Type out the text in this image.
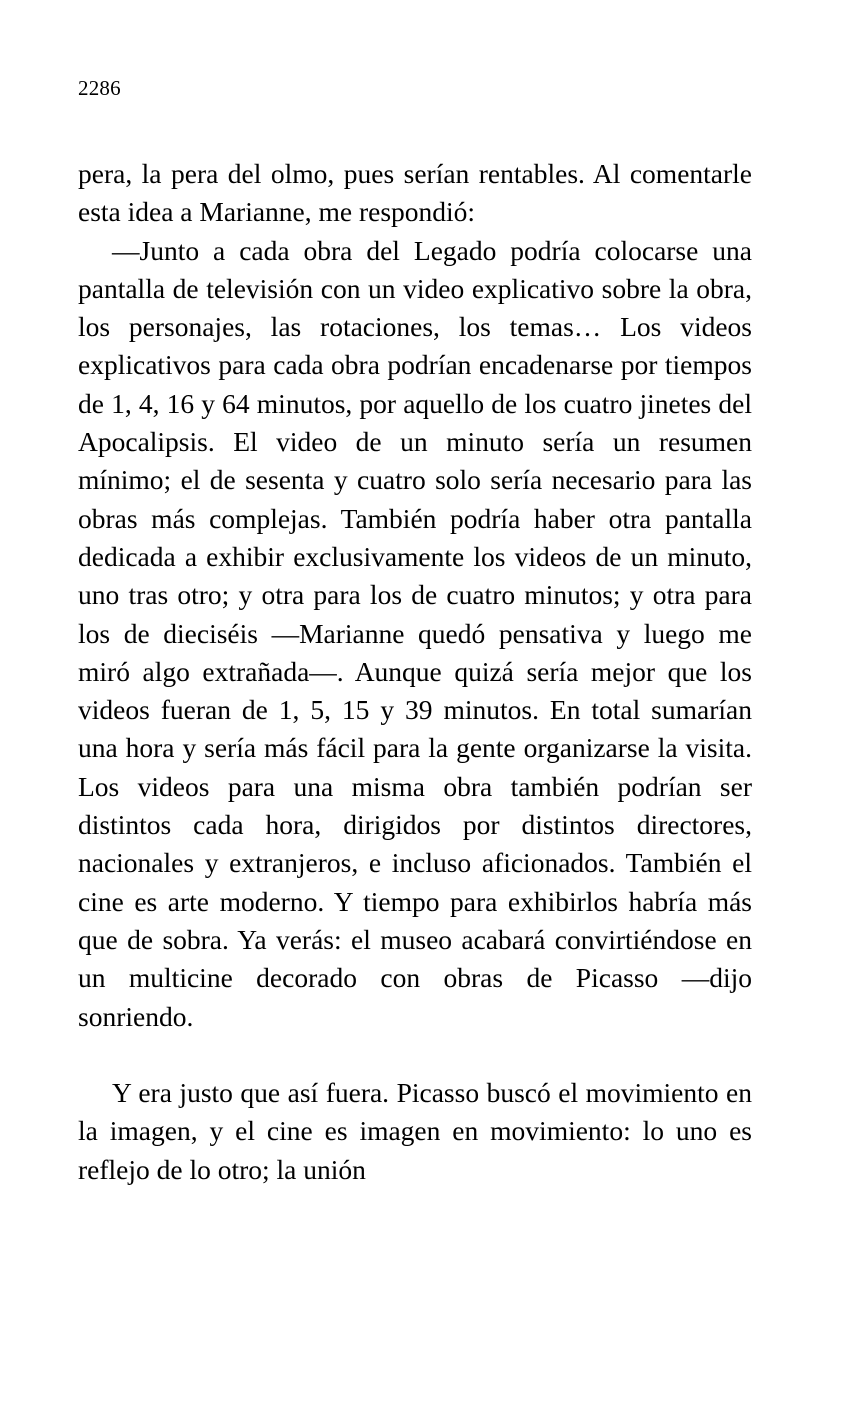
2286

pera, la pera del olmo, pues serían rentables. Al comentarle esta idea a Marianne, me respondió:

—Junto a cada obra del Legado podría colocarse una pantalla de televisión con un video explicativo sobre la obra, los personajes, las rotaciones, los temas… Los videos explicativos para cada obra podrían encadenarse por tiempos de 1, 4, 16 y 64 minutos, por aquello de los cuatro jinetes del Apocalipsis. El video de un minuto sería un resumen mínimo; el de sesenta y cuatro solo sería necesario para las obras más complejas. También podría haber otra pantalla dedicada a exhibir exclusivamente los videos de un minuto, uno tras otro; y otra para los de cuatro minutos; y otra para los de dieciséis —Marianne quedó pensativa y luego me miró algo extrañada—. Aunque quizá sería mejor que los videos fueran de 1, 5, 15 y 39 minutos. En total sumarían una hora y sería más fácil para la gente organizarse la visita. Los videos para una misma obra también podrían ser distintos cada hora, dirigidos por distintos directores, nacionales y extranjeros, e incluso aficionados. También el cine es arte moderno. Y tiempo para exhibirlos habría más que de sobra. Ya verás: el museo acabará convirtiéndose en un multicine decorado con obras de Picasso —dijo sonriendo.

Y era justo que así fuera. Picasso buscó el movimiento en la imagen, y el cine es imagen en movimiento: lo uno es reflejo de lo otro; la unión
